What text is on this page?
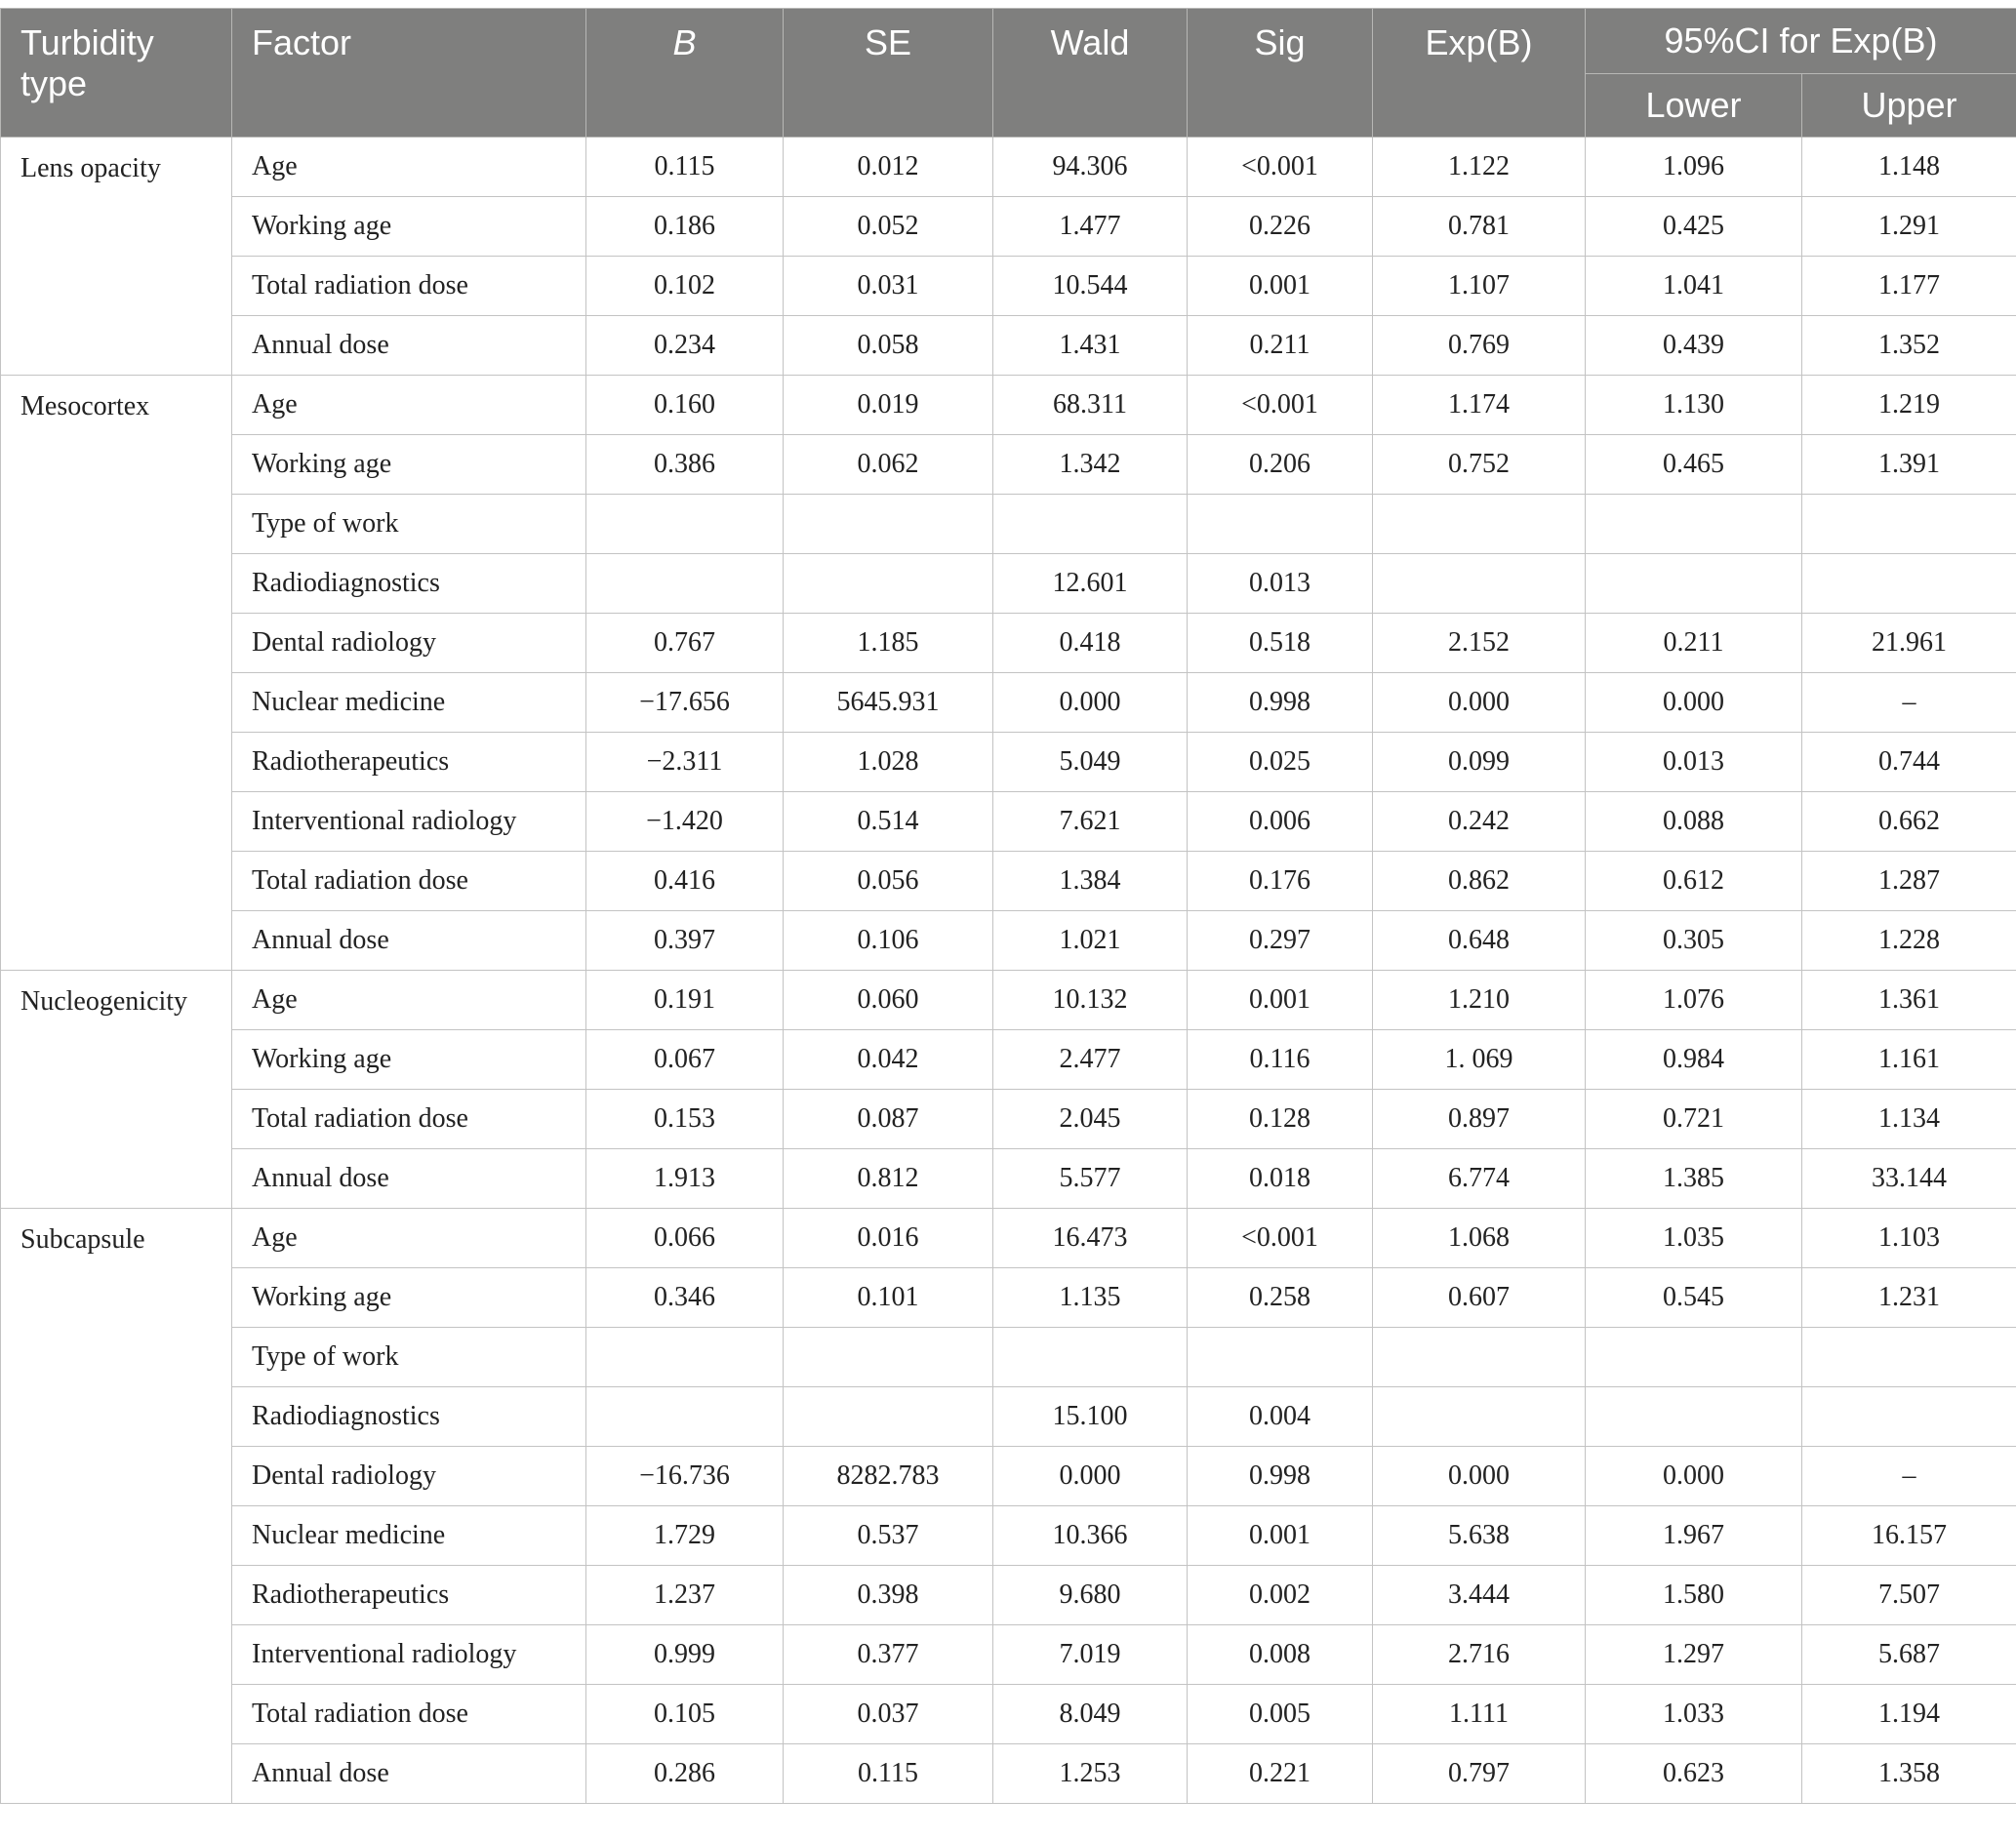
Turbidity type	Factor	B	SE	Wald	Sig	Exp(B)	95%CI for Exp(B)	
							Lower	Upper
Lens opacity	Age	0.115	0.012	94.306	<0.001	1.122	1.096	1.148
	Working age	0.186	0.052	1.477	0.226	0.781	0.425	1.291
	Total radiation dose	0.102	0.031	10.544	0.001	1.107	1.041	1.177
	Annual dose	0.234	0.058	1.431	0.211	0.769	0.439	1.352
Mesocortex	Age	0.160	0.019	68.311	<0.001	1.174	1.130	1.219
	Working age	0.386	0.062	1.342	0.206	0.752	0.465	1.391
	Type of work							
	Radiodiagnostics			12.601	0.013			
	Dental radiology	0.767	1.185	0.418	0.518	2.152	0.211	21.961
	Nuclear medicine	−17.656	5645.931	0.000	0.998	0.000	0.000	–
	Radiotherapeutics	−2.311	1.028	5.049	0.025	0.099	0.013	0.744
	Interventional radiology	−1.420	0.514	7.621	0.006	0.242	0.088	0.662
	Total radiation dose	0.416	0.056	1.384	0.176	0.862	0.612	1.287
	Annual dose	0.397	0.106	1.021	0.297	0.648	0.305	1.228
Nucleogenicity	Age	0.191	0.060	10.132	0.001	1.210	1.076	1.361
	Working age	0.067	0.042	2.477	0.116	1. 069	0.984	1.161
	Total radiation dose	0.153	0.087	2.045	0.128	0.897	0.721	1.134
	Annual dose	1.913	0.812	5.577	0.018	6.774	1.385	33.144
Subcapsule	Age	0.066	0.016	16.473	<0.001	1.068	1.035	1.103
	Working age	0.346	0.101	1.135	0.258	0.607	0.545	1.231
	Type of work							
	Radiodiagnostics			15.100	0.004			
	Dental radiology	−16.736	8282.783	0.000	0.998	0.000	0.000	–
	Nuclear medicine	1.729	0.537	10.366	0.001	5.638	1.967	16.157
	Radiotherapeutics	1.237	0.398	9.680	0.002	3.444	1.580	7.507
	Interventional radiology	0.999	0.377	7.019	0.008	2.716	1.297	5.687
	Total radiation dose	0.105	0.037	8.049	0.005	1.111	1.033	1.194
	Annual dose	0.286	0.115	1.253	0.221	0.797	0.623	1.358
